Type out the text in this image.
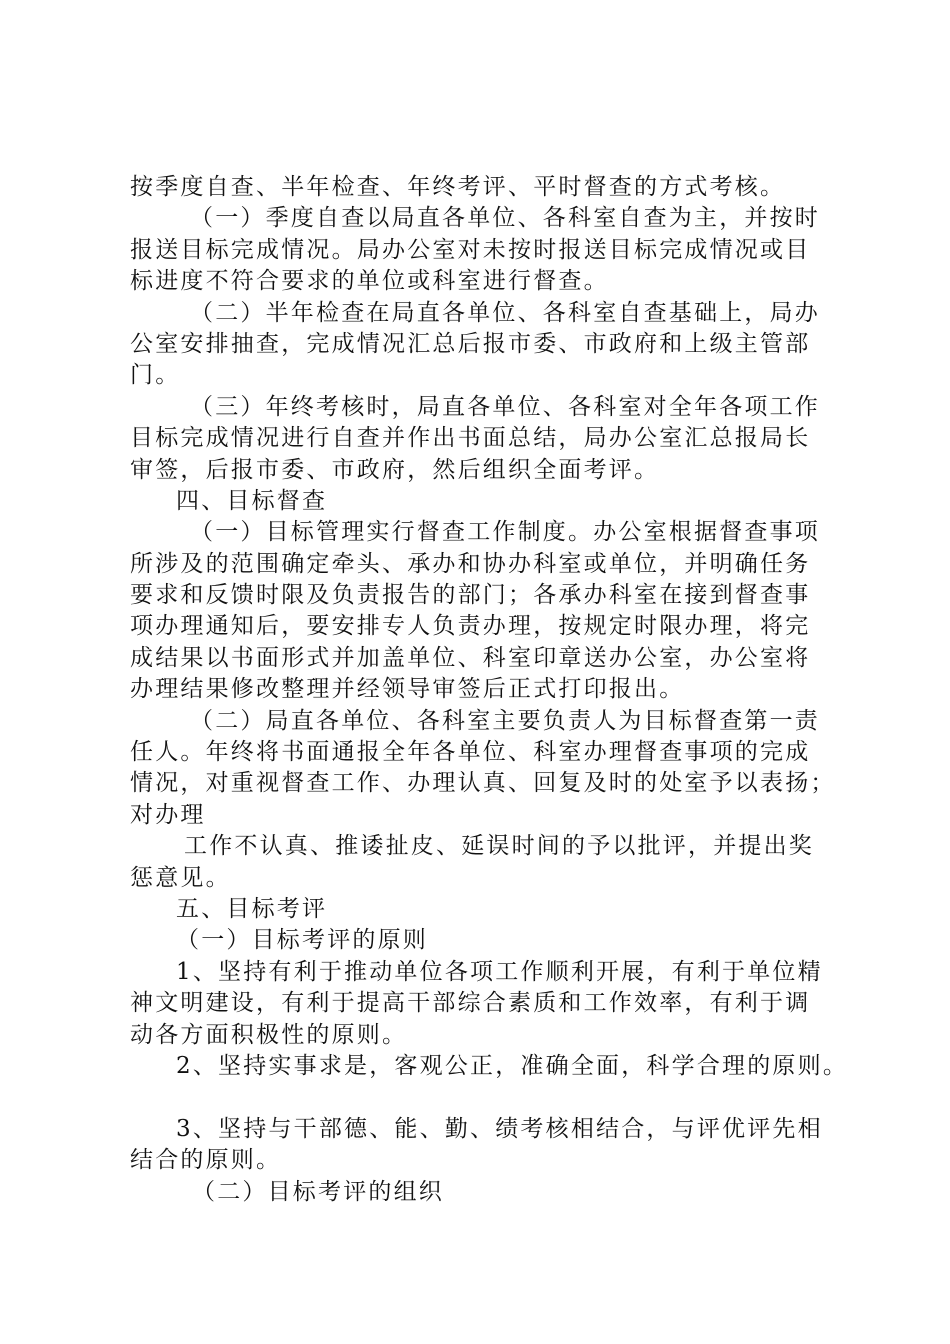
按季度自查、半年检查、年终考评、平时督查的方式考核。
（一）季度自查以局直各单位、各科室自查为主，并按时
报送目标完成情况。局办公室对未按时报送目标完成情况或目
标进度不符合要求的单位或科室进行督查。
（二）半年检查在局直各单位、各科室自查基础上，局办
公室安排抽查，完成情况汇总后报市委、市政府和上级主管部
门。
（三）年终考核时，局直各单位、各科室对全年各项工作
目标完成情况进行自查并作出书面总结，局办公室汇总报局长
审签，后报市委、市政府，然后组织全面考评。
四、目标督查
（一）目标管理实行督查工作制度。办公室根据督查事项
所涉及的范围确定牵头、承办和协办科室或单位，并明确任务
要求和反馈时限及负责报告的部门；各承办科室在接到督查事
项办理通知后，要安排专人负责办理，按规定时限办理，将完
成结果以书面形式并加盖单位、科室印章送办公室，办公室将
办理结果修改整理并经领导审签后正式打印报出。
（二）局直各单位、各科室主要负责人为目标督查第一责
任人。年终将书面通报全年各单位、科室办理督查事项的完成
情况，对重视督查工作、办理认真、回复及时的处室予以表扬；
对办理
工作不认真、推诿扯皮、延误时间的予以批评，并提出奖
惩意见。
五、目标考评
（一）目标考评的原则
1、坚持有利于推动单位各项工作顺利开展，有利于单位精
神文明建设，有利于提高干部综合素质和工作效率，有利于调
动各方面积极性的原则。
2、坚持实事求是，客观公正，准确全面，科学合理的原则。
3、坚持与干部德、能、勤、绩考核相结合，与评优评先相
结合的原则。
（二）目标考评的组织
